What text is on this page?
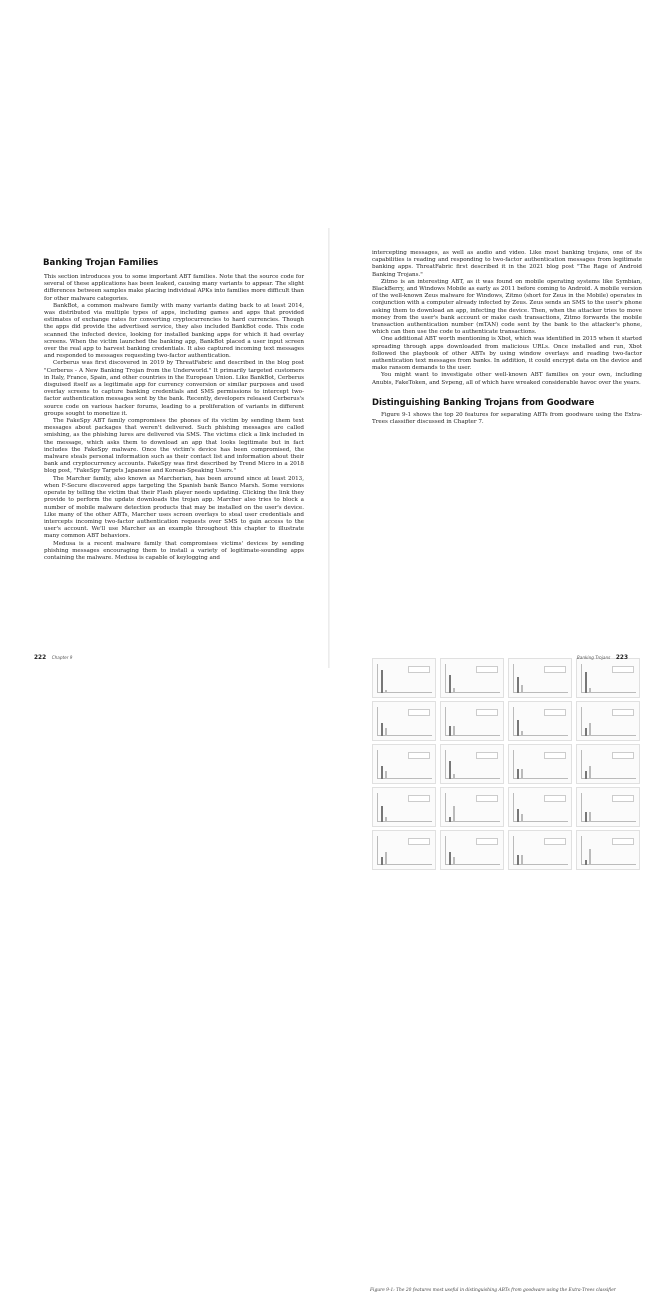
Banking Trojan Families

This section introduces you to some important ABT families. Note that the source code for several of these applications has been leaked, causing many variants to appear. The slight differences between samples make placing individual APKs into families more difficult than for other malware categories.

BankBot, a common malware family with many variants dating back to at least 2014, was distributed via multiple types of apps, including games and apps that provided estimates of exchange rates for converting cryptocurrencies to hard currencies. Though the apps did provide the advertised service, they also included BankBot code. This code scanned the infected device, looking for installed banking apps for which it had overlay screens. When the victim launched the banking app, BankBot placed a user input screen over the real app to harvest banking credentials. It also captured incoming text messages and responded to messages requesting two-factor authentication.

Cerberus was first discovered in 2019 by ThreatFabric and described in the blog post "Cerberus - A New Banking Trojan from the Underworld." It primarily targeted customers in Italy, France, Spain, and other countries in the European Union. Like BankBot, Cerberus disguised itself as a legitimate app for currency conversion or similar purposes and used overlay screens to capture banking credentials and SMS permissions to intercept two-factor authentication messages sent by the bank. Recently, developers released Cerberus's source code on various hacker forums, leading to a proliferation of variants in different groups sought to monetize it.

The FakeSpy ABT family compromises the phones of its victim by sending them text messages about packages that weren't delivered. Such phishing messages are called smishing, as the phishing lures are delivered via SMS. The victims click a link included in the message, which asks them to download an app that looks legitimate but in fact includes the FakeSpy malware. Once the victim's device has been compromised, the malware steals personal information such as their contact list and information about their bank and cryptocurrency accounts. FakeSpy was first described by Trend Micro in a 2018 blog post, "FakeSpy Targets Japanese and Korean-Speaking Users."

The Marcher family, also known as Marcherian, has been around since at least 2013, when F-Secure discovered apps targeting the Spanish bank Banco Marsh. Some versions operate by telling the victim that their Flash player needs updating. Clicking the link they provide to perform the update downloads the trojan app. Marcher also tries to block a number of mobile malware detection products that may be installed on the user's device. Like many of the other ABTs, Marcher uses screen overlays to steal user credentials and intercepts incoming two-factor authentication requests over SMS to gain access to the user's account. We'll use Marcher as an example throughout this chapter to illustrate many common ABT behaviors.

Medusa is a recent malware family that compromises victims' devices by sending phishing messages encouraging them to install a variety of legitimate-sounding apps containing the malware. Medusa is capable of keylogging and

222 Chapter 9

intercepting messages, as well as audio and video. Like most banking trojans, one of its capabilities is reading and responding to two-factor authentication messages from legitimate banking apps. ThreatFabric first described it in the 2021 blog post "The Rage of Android Banking Trojans."

Zitmo is an interesting ABT, as it was found on mobile operating systems like Symbian, BlackBerry, and Windows Mobile as early as 2011 before coming to Android. A mobile version of the well-known Zeus malware for Windows, Zitmo (short for Zeus in the Mobile) operates in conjunction with a computer already infected by Zeus. Zeus sends an SMS to the user's phone asking them to download an app, infecting the device. Then, when the attacker tries to move money from the user's bank account or make cash transactions, Zitmo forwards the mobile transaction authentication number (mTAN) code sent by the bank to the attacker's phone, which can then use the code to authenticate transactions.

One additional ABT worth mentioning is Xbot, which was identified in 2015 when it started spreading through apps downloaded from malicious URLs. Once installed and run, Xbot followed the playbook of other ABTs by using window overlays and reading two-factor authentication text messages from banks. In addition, it could encrypt data on the device and make ransom demands to the user.

You might want to investigate other well-known ABT families on your own, including Anubis, FakeToken, and Svpeng, all of which have wreaked considerable havoc over the years.

Distinguishing Banking Trojans from Goodware

Figure 9-1 shows the top 20 features for separating ABTs from goodware using the Extra-Trees classifier discussed in Chapter 7.

Figure 9-1: The 20 features most useful in distinguishing ABTs from goodware using the Extra-Trees classifier
Banking Trojans 223
